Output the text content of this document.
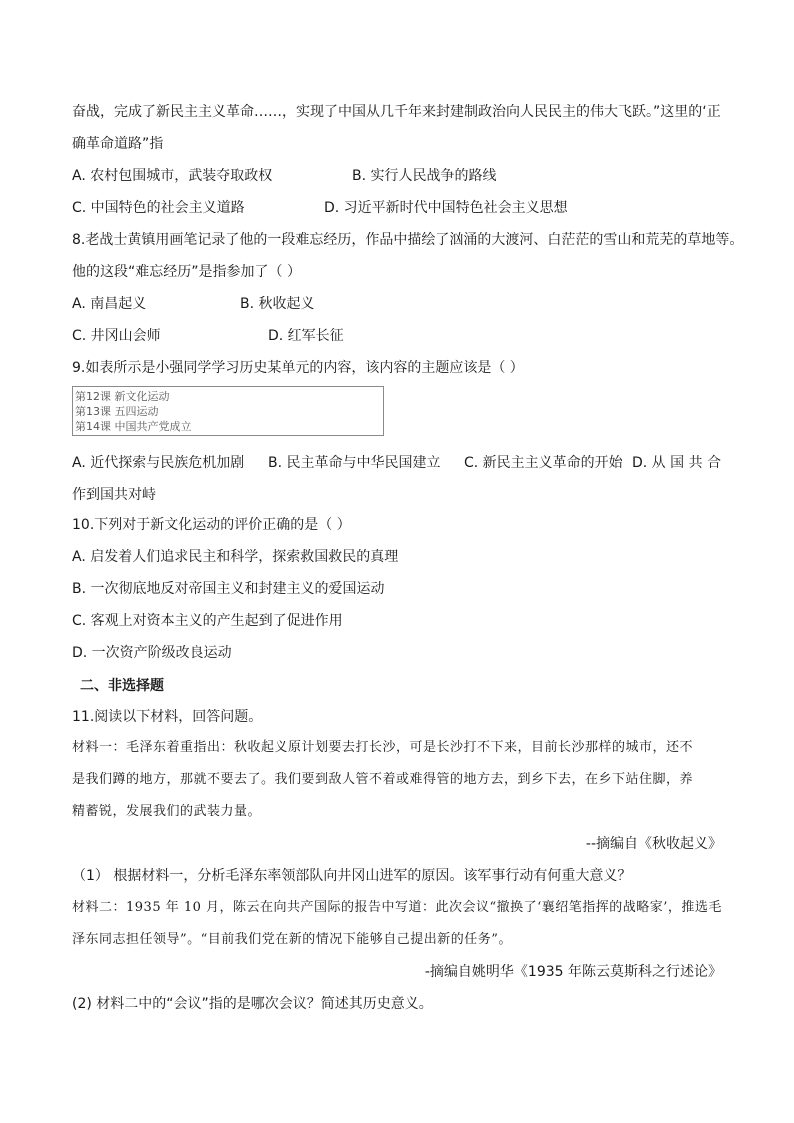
奋战，完成了新民主主义革命……，实现了中国从几千年来封建制政治向人民民主的伟大飞跃。”这里的‘正
确革命道路”指
A. 农村包围城市，武装夺取政权	B. 实行人民战争的路线
C. 中国特色的社会主义道路	D. 习近平新时代中国特色社会主义思想
8.老战士黄镇用画笔记录了他的一段难忘经历，作品中描绘了汹涌的大渡河、白茫茫的雪山和荒芜的草地等。
他的这段“难忘经历”是指参加了（ ）
A. 南昌起义	B. 秋收起义
C. 井冈山会师	D. 红军长征
9.如表所示是小强同学学习历史某单元的内容，该内容的主题应该是（ ）
第12课 新文化运动
第13课 五四运动
第14课 中国共产党成立
A. 近代探索与民族危机加剧 B. 民主革命与中华民国建立 C. 新民主主义革命的开始 D. 从 国 共 合
作到国共对峙
10.下列对于新文化运动的评价正确的是（ ）
A. 启发着人们追求民主和科学，探索救国救民的真理
B. 一次彻底地反对帝国主义和封建主义的爱国运动
C. 客观上对资本主义的产生起到了促进作用
D. 一次资产阶级改良运动
二、非选择题
11.阅读以下材料，回答问题。
材料一：毛泽东着重指出：秋收起义原计划要去打长沙，可是长沙打不下来，目前长沙那样的城市，还不
是我们蹲的地方，那就不要去了。我们要到敌人管不着或难得管的地方去，到乡下去，在乡下站住脚，养
精蓄锐，发展我们的武装力量。
--摘编自《秋收起义》
（1） 根据材料一，分析毛泽东率领部队向井冈山进军的原因。该军事行动有何重大意义？
材料二：1935 年 10 月，陈云在向共产国际的报告中写道：此次会议“撤换了‘襄绍笔指挥的战略家’，推选毛
泽东同志担任领导”。“目前我们党在新的情况下能够自己提出新的任务”。
-摘编自姚明华《1935 年陈云莫斯科之行述论》
(2) 材料二中的“会议”指的是哪次会议？简述其历史意义。
